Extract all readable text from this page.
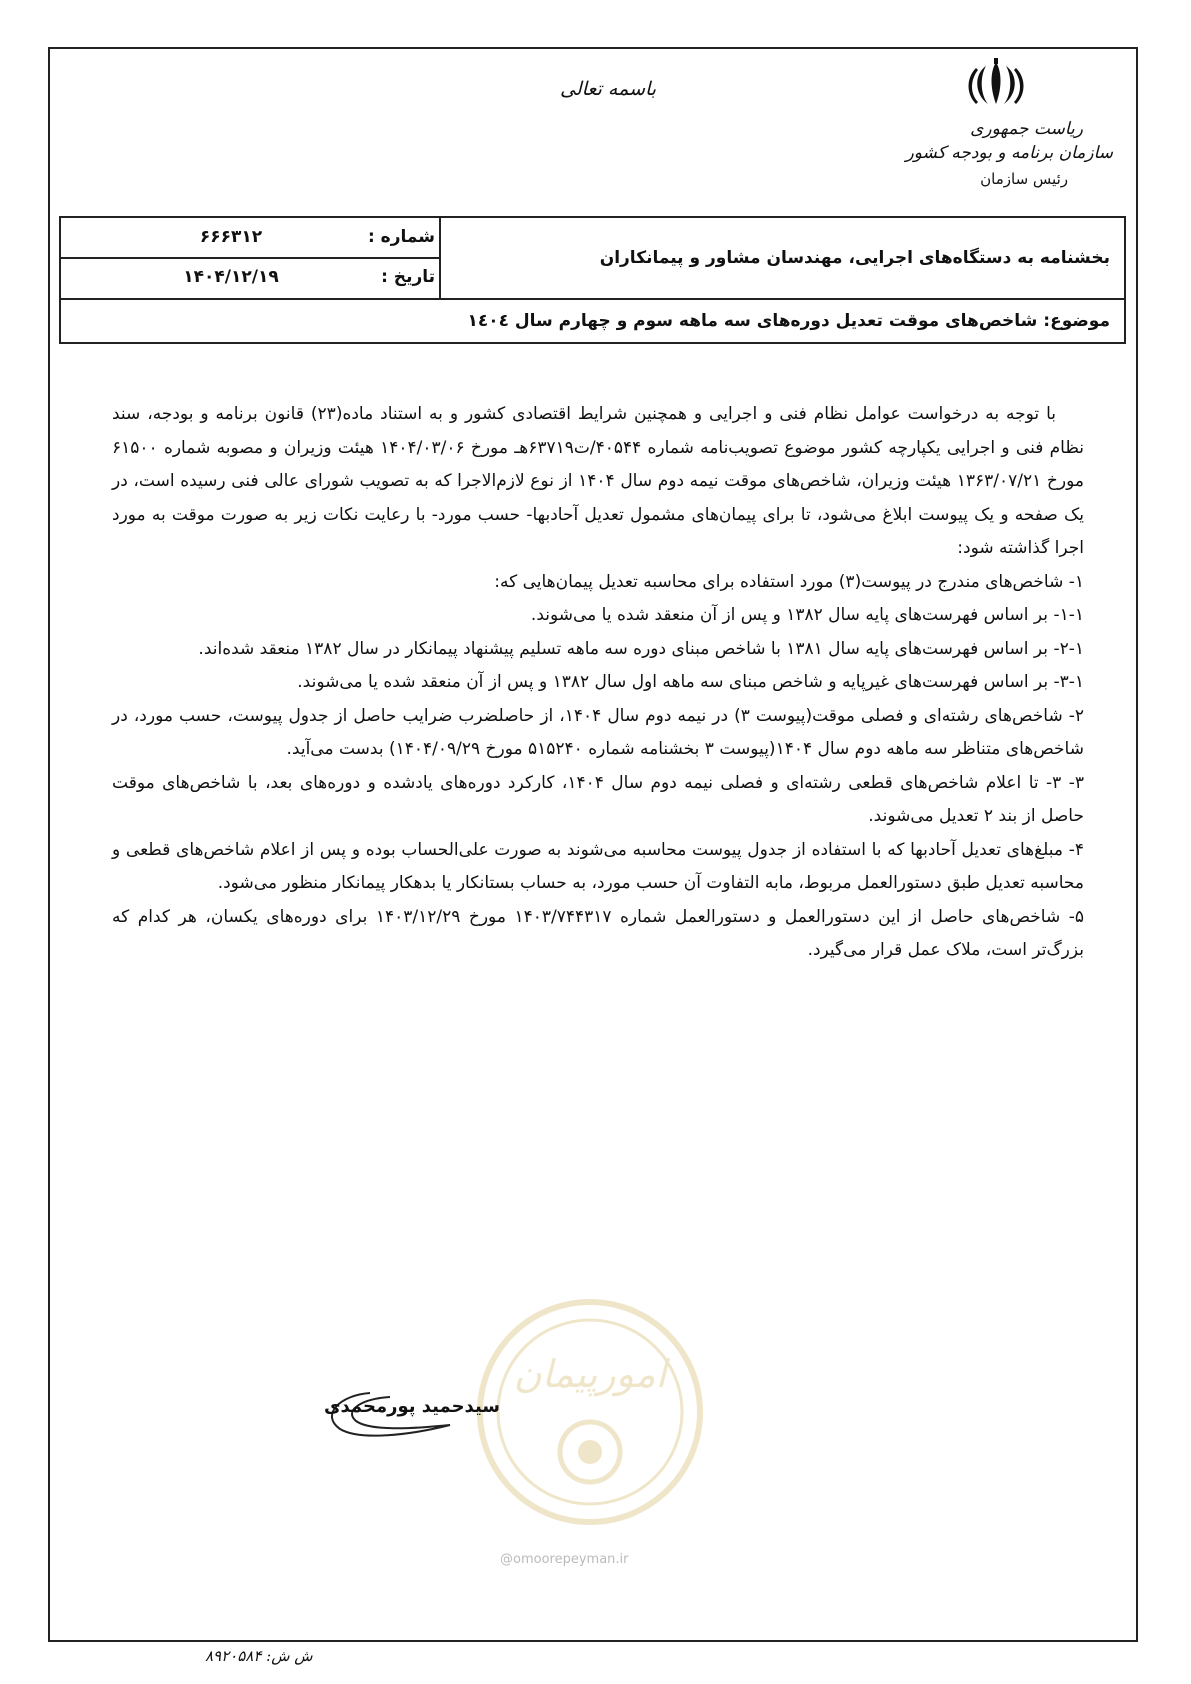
باسمه تعالی
ریاست جمهوری
سازمان برنامه و بودجه کشور
رئیس سازمان
بخشنامه به دستگاه‌های اجرایی، مهندسان مشاور و پیمانکاران
شماره :
۶۶۶۳۱۲
تاریخ :
۱۴۰۴/۱۲/۱۹
موضوع: شاخص‌های موقت تعدیل دوره‌های سه ماهه سوم و چهارم سال ۱٤۰٤

با توجه به درخواست عوامل نظام فنی و اجرایی و همچنین شرایط اقتصادی کشور و به استناد ماده(۲۳) قانون برنامه و بودجه، سند نظام فنی و اجرایی یکپارچه کشور موضوع تصویب‌نامه شماره ۴۰۵۴۴/ت۶۳۷۱۹هـ مورخ ۱۴۰۴/۰۳/۰۶ هیئت وزیران و مصوبه شماره ۶۱۵۰۰ مورخ ۱۳۶۳/۰۷/۲۱ هیئت وزیران، شاخص‌های موقت نیمه دوم سال ۱۴۰۴ از نوع لازم‌الاجرا که به تصویب شورای عالی فنی رسیده است، در یک صفحه و یک پیوست ابلاغ می‌شود، تا برای پیمان‌های مشمول تعدیل آحادبها- حسب مورد- با رعایت نکات زیر به صورت موقت به مورد اجرا گذاشته شود:

۱- شاخص‌های مندرج در پیوست(۳) مورد استفاده برای محاسبه تعدیل پیمان‌هایی که:

۱-۱- بر اساس فهرست‌های پایه سال ۱۳۸۲ و پس از آن منعقد شده یا می‌شوند.

۲-۱- بر اساس فهرست‌های پایه سال ۱۳۸۱ با شاخص مبنای دوره سه ماهه تسلیم پیشنهاد پیمانکار در سال ۱۳۸۲ منعقد شده‌اند.

۳-۱- بر اساس فهرست‌های غیرپایه و شاخص مبنای سه ماهه اول سال ۱۳۸۲ و پس از آن منعقد شده یا می‌شوند.

۲- شاخص‌های رشته‌ای و فصلی موقت(پیوست ۳) در نیمه دوم سال ۱۴۰۴، از حاصلضرب ضرایب حاصل از جدول پیوست، حسب مورد، در شاخص‌های متناظر سه ماهه دوم سال ۱۴۰۴(پیوست ۳ بخشنامه شماره ۵۱۵۲۴۰ مورخ ۱۴۰۴/۰۹/۲۹) بدست می‌آید.

۳- ۳- تا اعلام شاخص‌های قطعی رشته‌ای و فصلی نیمه دوم سال ۱۴۰۴، کارکرد دوره‌های یادشده و دوره‌های بعد، با شاخص‌های موقت حاصل از بند ۲ تعدیل می‌شوند.

۴- مبلغ‌های تعدیل آحادبها که با استفاده از جدول پیوست محاسبه می‌شوند به صورت علی‌الحساب بوده و پس از اعلام شاخص‌های قطعی و محاسبه تعدیل طبق دستورالعمل مربوط، مابه التفاوت آن حسب مورد، به حساب بستانکار یا بدهکار پیمانکار منظور می‌شود.

۵- شاخص‌های حاصل از این دستورالعمل و دستورالعمل شماره ۱۴۰۳/۷۴۴۳۱۷ مورخ ۱۴۰۳/۱۲/۲۹ برای دوره‌های یکسان، هر کدام که بزرگ‌تر است، ملاک عمل قرار می‌گیرد.

امورپیمان
@omoorepeyman.ir
سیدحمید پورمحمدی
ش ش: ۸۹۲۰۵۸۴
